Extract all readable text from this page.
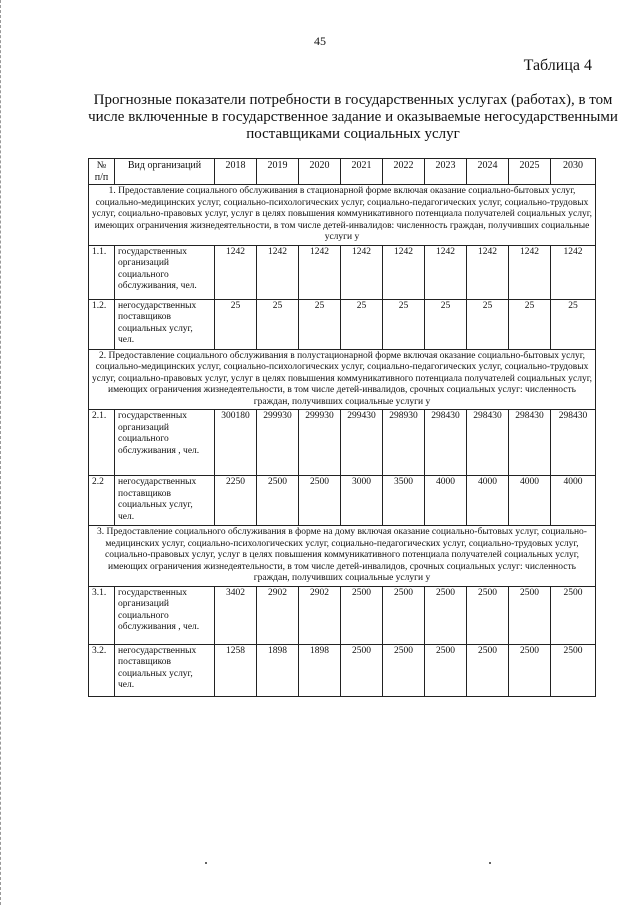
45
Таблица 4
Прогнозные показатели потребности в государственных услугах (работах), в том числе включенные в государственное задание и оказываемые негосударственными поставщиками социальных услуг
№ п/п	Вид организаций	2018	2019	2020	2021	2022	2023	2024	2025	2030
1. Предоставление социального обслуживания в стационарной форме включая оказание социально-бытовых услуг, социально-медицинских услуг, социально-психологических услуг, социально-педагогических услуг, социально-трудовых услуг, социально-правовых услуг, услуг в целях повышения коммуникативного потенциала получателей социальных услуг, имеющих ограничения жизнедеятельности, в том числе детей-инвалидов: численность граждан, получивших социальные услуги у										
1.1.	государственных организаций социального обслуживания, чел.	1242	1242	1242	1242	1242	1242	1242	1242	1242
1.2.	негосударственных поставщиков социальных услуг, чел.	25	25	25	25	25	25	25	25	25
2. Предоставление социального обслуживания в полустационарной форме включая оказание социально-бытовых услуг, социально-медицинских услуг, социально-психологических услуг, социально-педагогических услуг, социально-трудовых услуг, социально-правовых услуг, услуг в целях повышения коммуникативного потенциала получателей социальных услуг, имеющих ограничения жизнедеятельности, в том числе детей-инвалидов, срочных социальных услуг: численность граждан, получивших социальные услуги у										
2.1.	государственных организаций социального обслуживания , чел.	300180	299930	299930	299430	298930	298430	298430	298430	298430
2.2	негосударственных поставщиков социальных услуг, чел.	2250	2500	2500	3000	3500	4000	4000	4000	4000
3. Предоставление социального обслуживания в форме на дому включая оказание социально-бытовых услуг, социально-медицинских услуг, социально-психологических услуг, социально-педагогических услуг, социально-трудовых услуг, социально-правовых услуг, услуг в целях повышения коммуникативного потенциала получателей социальных услуг, имеющих ограничения жизнедеятельности, в том числе детей-инвалидов, срочных социальных услуг: численность граждан, получивших социальные услуги у										
3.1.	государственных организаций социального обслуживания , чел.	3402	2902	2902	2500	2500	2500	2500	2500	2500
3.2.	негосударственных поставщиков социальных услуг, чел.	1258	1898	1898	2500	2500	2500	2500	2500	2500
